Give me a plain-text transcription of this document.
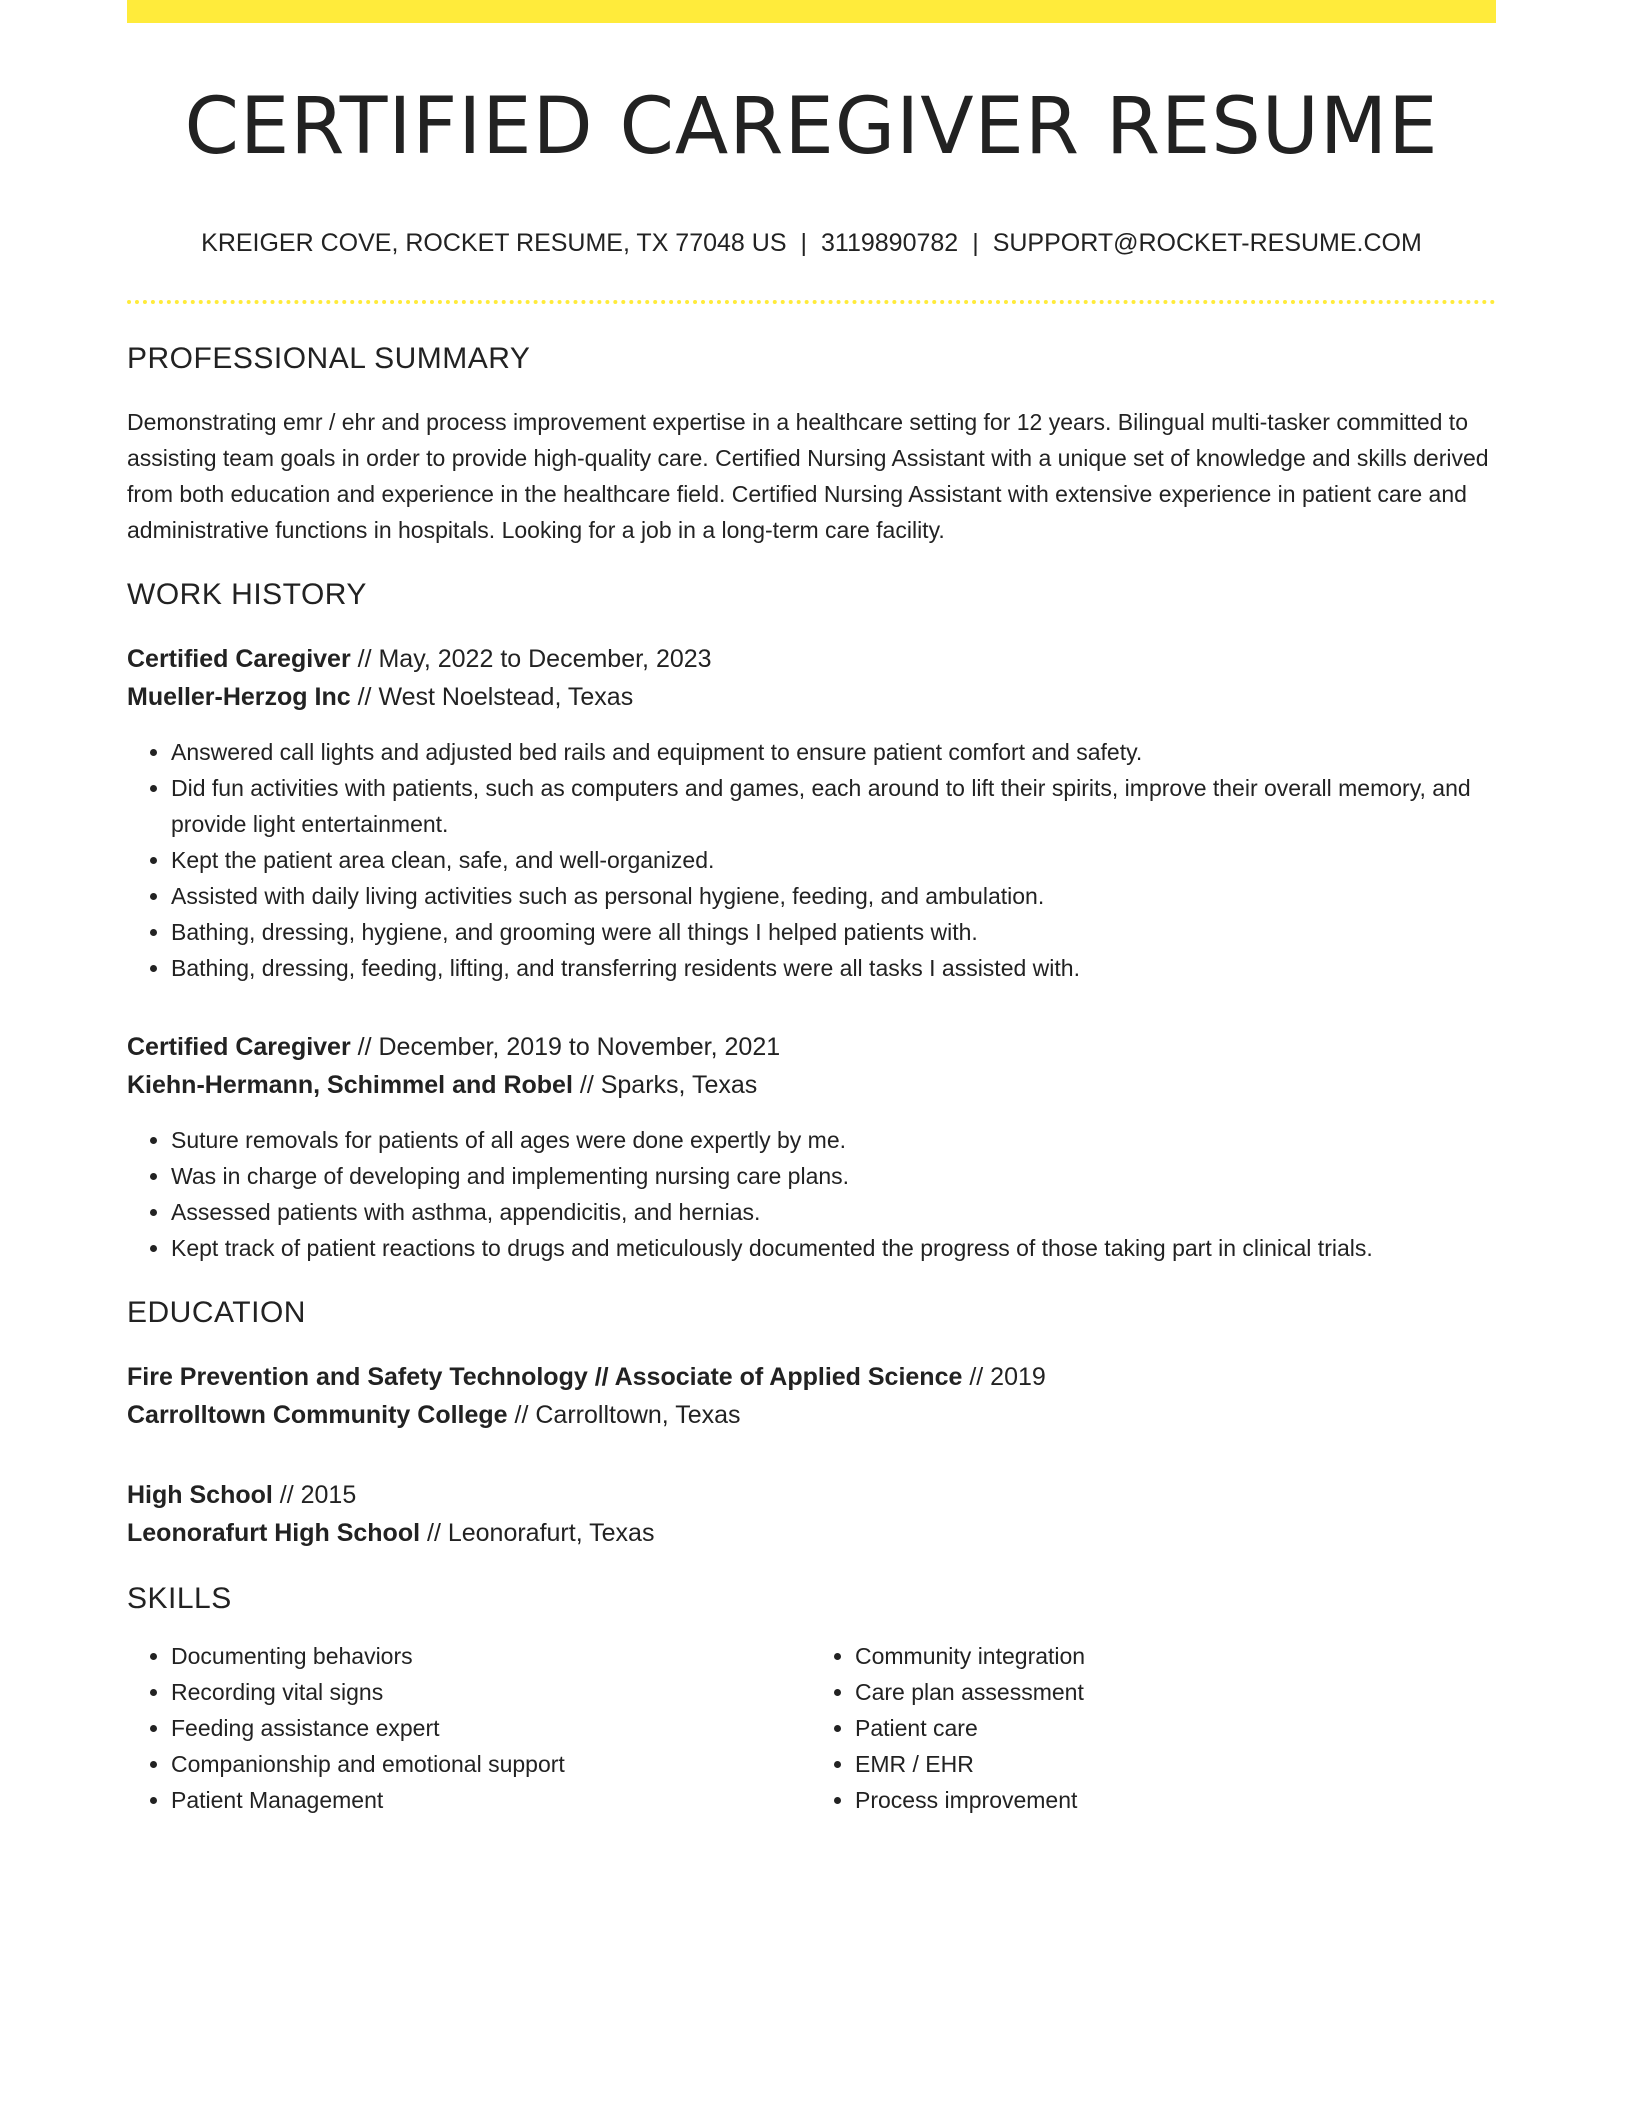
CERTIFIED CAREGIVER RESUME
KREIGER COVE, ROCKET RESUME, TX 77048 US | 3119890782 | SUPPORT@ROCKET-RESUME.COM
PROFESSIONAL SUMMARY

Demonstrating emr / ehr and process improvement expertise in a healthcare setting for 12 years. Bilingual multi-tasker committed to assisting team goals in order to provide high-quality care. Certified Nursing Assistant with a unique set of knowledge and skills derived from both education and experience in the healthcare field. Certified Nursing Assistant with extensive experience in patient care and administrative functions in hospitals. Looking for a job in a long-term care facility.

WORK HISTORY
Certified Caregiver // May, 2022 to December, 2023
Mueller-Herzog Inc // West Noelstead, Texas
• Answered call lights and adjusted bed rails and equipment to ensure patient comfort and safety.
• Did fun activities with patients, such as computers and games, each around to lift their spirits, improve their overall memory, and provide light entertainment.
• Kept the patient area clean, safe, and well-organized.
• Assisted with daily living activities such as personal hygiene, feeding, and ambulation.
• Bathing, dressing, hygiene, and grooming were all things I helped patients with.
• Bathing, dressing, feeding, lifting, and transferring residents were all tasks I assisted with.
Certified Caregiver // December, 2019 to November, 2021
Kiehn-Hermann, Schimmel and Robel // Sparks, Texas
• Suture removals for patients of all ages were done expertly by me.
• Was in charge of developing and implementing nursing care plans.
• Assessed patients with asthma, appendicitis, and hernias.
• Kept track of patient reactions to drugs and meticulously documented the progress of those taking part in clinical trials.
EDUCATION
Fire Prevention and Safety Technology // Associate of Applied Science // 2019
Carrolltown Community College // Carrolltown, Texas
High School // 2015
Leonorafurt High School // Leonorafurt, Texas
SKILLS
• Documenting behaviors
• Recording vital signs
• Feeding assistance expert
• Companionship and emotional support
• Patient Management
• Community integration
• Care plan assessment
• Patient care
• EMR / EHR
• Process improvement
